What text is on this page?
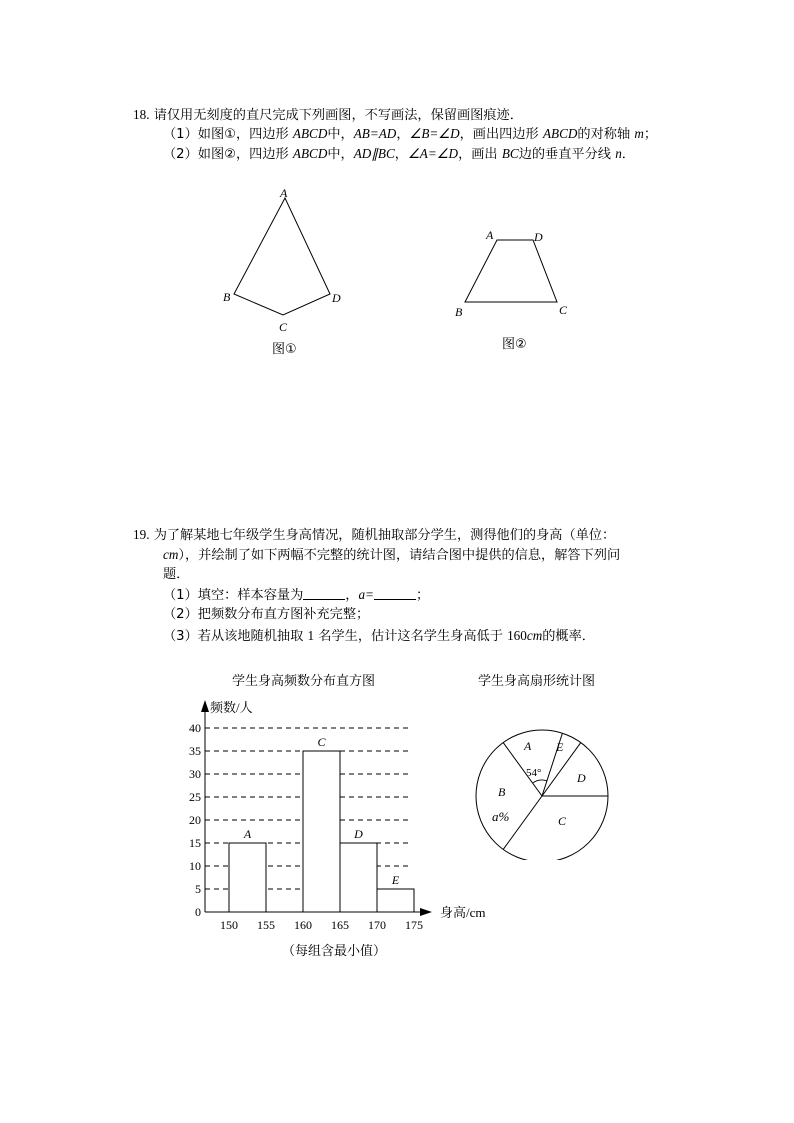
18. 请仅用无刻度的直尺完成下列画图，不写画法，保留画图痕迹．
（1）如图①，四边形 ABCD中，AB=AD，∠B=∠D，画出四边形 ABCD的对称轴 m；
（2）如图②，四边形 ABCD中，AD∥BC，∠A=∠D，画出 BC边的垂直平分线 n．
A
B
C
D
图①
A	D
B	C
图②
19. 为了解某地七年级学生身高情况，随机抽取部分学生，测得他们的身高（单位：
cm），并绘制了如下两幅不完整的统计图，请结合图中提供的信息，解答下列问
题．
（1）填空：样本容量为	，a=	；
（2）把频数分布直方图补充完整；
（3）若从该地随机抽取 1 名学生，估计这名学生身高低于 160cm的概率．
学生身高频数分布直方图	学生身高扇形统计图
0
5
10
15
20
25
30
35
40
A
C
D
E
150 155 160 165 170 175
频数/人
身高/cm
（每组含最小值）
A E
D
C
B
a%
54°
